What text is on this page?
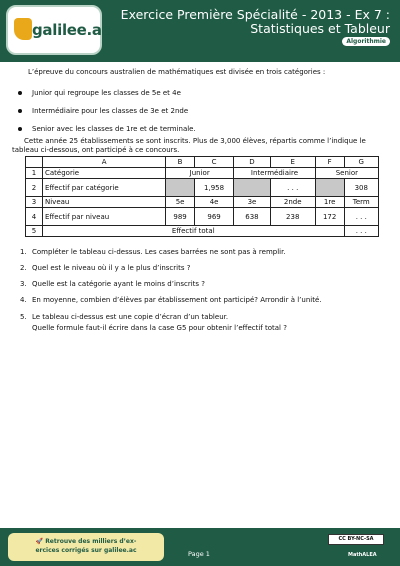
galilee.ac
Exercice Première Spécialité - 2013 - Ex 7 : Statistiques et Tableur
Algorithmie
L’épreuve du concours australien de mathématiques est divisée en trois catégories :
Junior qui regroupe les classes de 5e et 4e
Intermédiaire pour les classes de 3e et 2nde
Senior avec les classes de 1re et de terminale.
Cette année 25 établissements se sont inscrits. Plus de 3,000 élèves, répartis comme l’indique le
tableau ci-dessous, ont participé à ce concours.
	A	B	C	D	E	F	G
1	Catégorie	Junior		Intermédiaire		Senior	
2	Effectif par catégorie		1,958		. . .		308
3	Niveau	5e	4e	3e	2nde	1re	Term
4	Effectif par niveau	989	969	638	238	172	. . .
5	Effectif total						. . .
1. Compléter le tableau ci-dessus. Les cases barrées ne sont pas à remplir.
2. Quel est le niveau où il y a le plus d’inscrits ?
3. Quelle est la catégorie ayant le moins d’inscrits ?
4. En moyenne, combien d’élèves par établissement ont participé? Arrondir à l’unité.
5. Le tableau ci-dessus est une copie d’écran d’un tableur.
Quelle formule faut-il écrire dans la case G5 pour obtenir l’effectif total ?
🚀 Retrouve des milliers d’ex-
ercices corrigés sur galilee.ac	Page 1
CC BY-NC-SA
MathALEA
